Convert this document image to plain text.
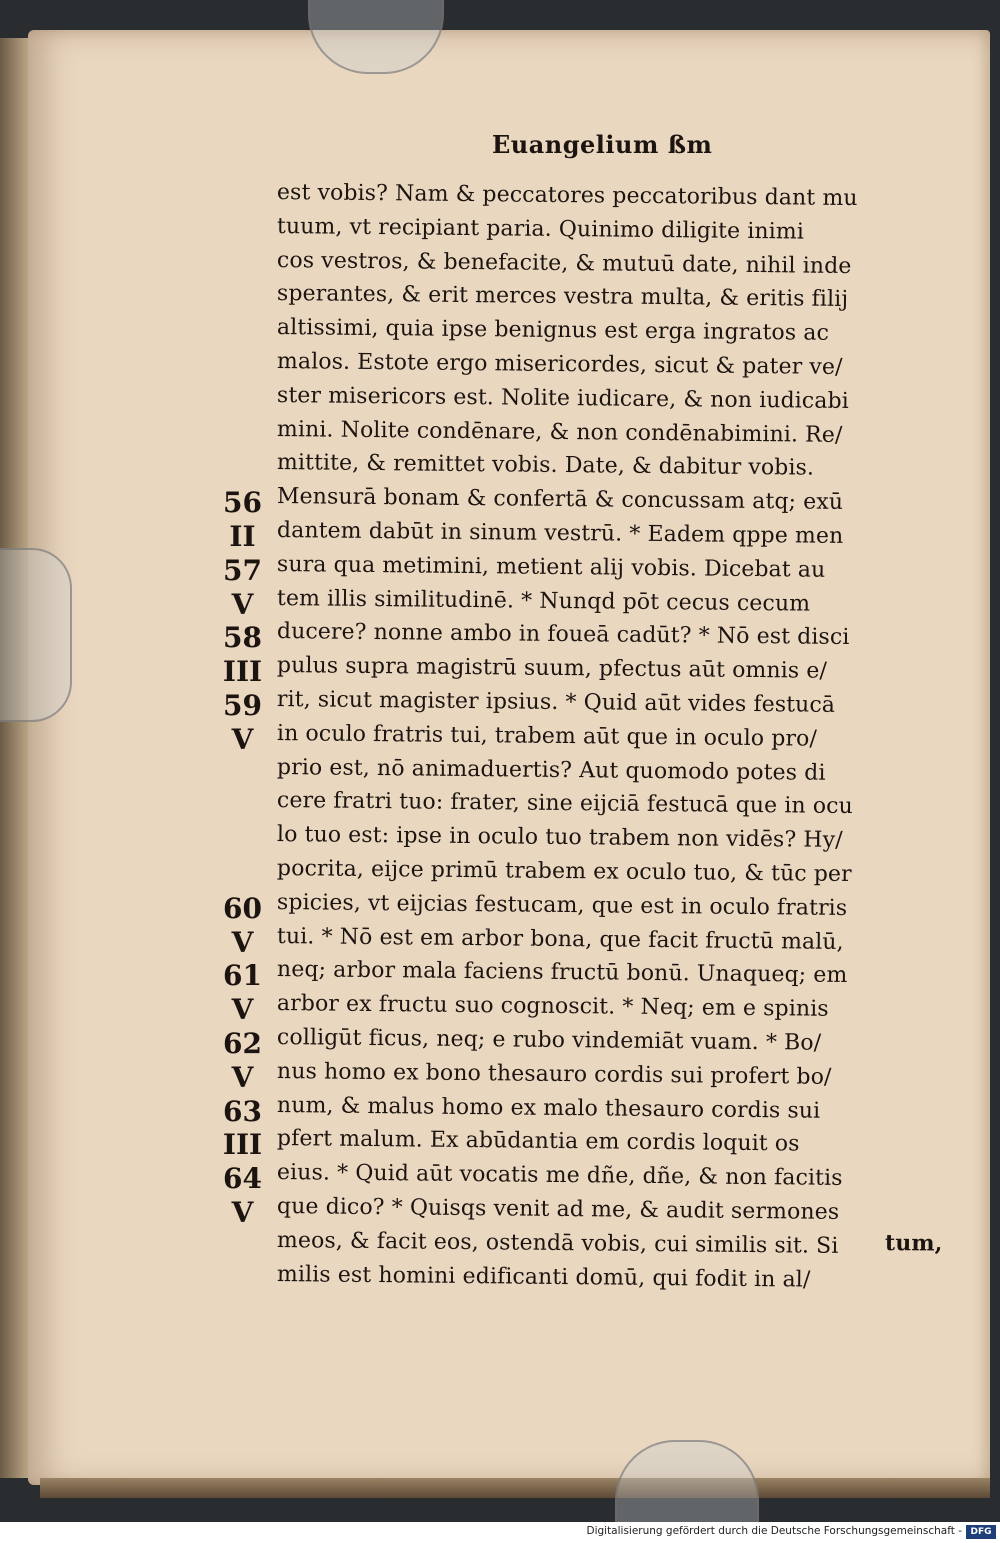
Euangelium ßm
est vobis? Nam & peccatores peccatoribus dant mu
tuum, vt recipiant paria. Quinimo diligite inimi
cos vestros, & benefacite, & mutuū date, nihil inde
sperantes, & erit merces vestra multa, & eritis filij
altissimi, quia ipse benignus est erga ingratos ac
malos. Estote ergo misericordes, sicut & pater ve/
ster misericors est. Nolite iudicare, & non iudicabi
mini. Nolite condēnare, & non condēnabimini. Re/
mittite, & remittet vobis. Date, & dabitur vobis.
56 Mensurā bonam & confertā & concussam atq; exū
II dantem dabūt in sinum vestrū. * Eadem qppe men
57 sura qua metimini, metient alij vobis. Dicebat au
V	tem illis similitudinē. * Nunqd pōt cecus cecum
58 ducere? nonne ambo in foueā cadūt? * Nō est disci
III pulus supra magistrū suum, pfectus aūt omnis e/
59 rit, sicut magister ipsius. * Quid aūt vides festucā
V	in oculo fratris tui, trabem aūt que in oculo pro/
prio est, nō animaduertis? Aut quomodo potes di
cere fratri tuo: frater, sine eijciā festucā que in ocu
lo tuo est: ipse in oculo tuo trabem non vidēs? Hy/
pocrita, eijce primū trabem ex oculo tuo, & tūc per
60 spicies, vt eijcias festucam, que est in oculo fratris
V	tui. * Nō est em arbor bona, que facit fructū malū,
61 neq; arbor mala faciens fructū bonū. Unaqueq; em
V	arbor ex fructu suo cognoscit. * Neq; em e spinis
62 colligūt ficus, neq; e rubo vindemiāt vuam. * Bo/
V	nus homo ex bono thesauro cordis sui profert bo/
63 num, & malus homo ex malo thesauro cordis sui
III pfert malum. Ex abūdantia em cordis loquit os
64 eius. * Quid aūt vocatis me dñe, dñe, & non facitis
V	que dico? * Quisqs venit ad me, & audit sermones
meos, & facit eos, ostendā vobis, cui similis sit. Si
milis est homini edificanti domū, qui fodit in al/
Digitalisierung gefördert durch die Deutsche Forschungsgemeinschaft - DFG
